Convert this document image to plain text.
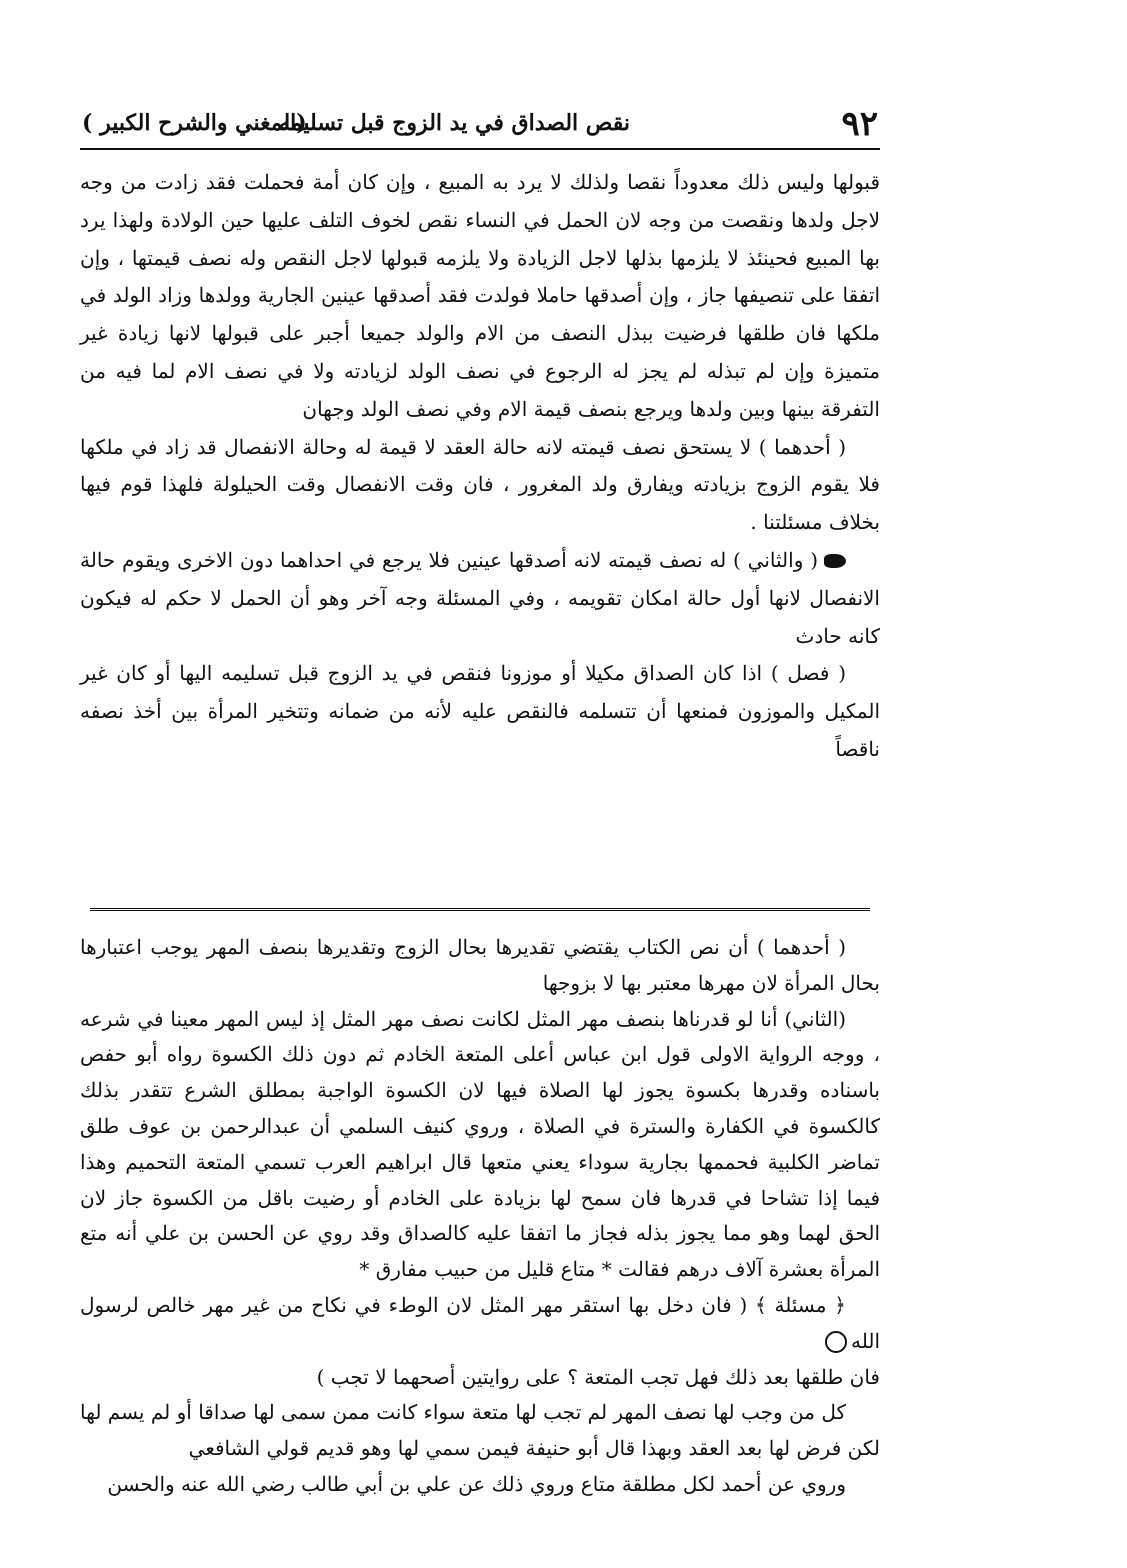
٩٢
نقص الصداق في يد الزوج قبل تسليمه
(المغني والشرح الكبير )

قبولها وليس ذلك معدوداً نقصا ولذلك لا يرد به المبيع ، وإن كان أمة فحملت فقد زادت من وجه لاجل ولدها ونقصت من وجه لان الحمل في النساء نقص لخوف التلف عليها حين الولادة ولهذا يرد بها المبيع فحينئذ لا يلزمها بذلها لاجل الزيادة ولا يلزمه قبولها لاجل النقص وله نصف قيمتها ، وإن اتفقا على تنصيفها جاز ، وإن أصدقها حاملا فولدت فقد أصدقها عينين الجارية وولدها وزاد الولد في ملكها فان طلقها فرضيت ببذل النصف من الام والولد جميعا أجبر على قبولها لانها زيادة غير متميزة وإن لم تبذله لم يجز له الرجوع في نصف الولد لزيادته ولا في نصف الام لما فيه من التفرقة بينها وبين ولدها ويرجع بنصف قيمة الام وفي نصف الولد وجهان

( أحدهما ) لا يستحق نصف قيمته لانه حالة العقد لا قيمة له وحالة الانفصال قد زاد في ملكها فلا يقوم الزوج بزيادته ويفارق ولد المغرور ، فان وقت الانفصال وقت الحيلولة فلهذا قوم فيها بخلاف مسئلتنا .

( والثاني ) له نصف قيمته لانه أصدقها عينين فلا يرجع في احداهما دون الاخرى ويقوم حالة الانفصال لانها أول حالة امكان تقويمه ، وفي المسئلة وجه آخر وهو أن الحمل لا حكم له فيكون كانه حادث

( فصل ) اذا كان الصداق مكيلا أو موزونا فنقص في يد الزوج قبل تسليمه اليها أو كان غير المكيل والموزون فمنعها أن تتسلمه فالنقص عليه لأنه من ضمانه وتتخير المرأة بين أخذ نصفه ناقصاً

( أحدهما ) أن نص الكتاب يقتضي تقديرها بحال الزوج وتقديرها بنصف المهر يوجب اعتبارها بحال المرأة لان مهرها معتبر بها لا بزوجها

(الثاني) أنا لو قدرناها بنصف مهر المثل لكانت نصف مهر المثل إذ ليس المهر معينا في شرعه ، ووجه الرواية الاولى قول ابن عباس أعلى المتعة الخادم ثم دون ذلك الكسوة رواه أبو حفص باسناده وقدرها بكسوة يجوز لها الصلاة فيها لان الكسوة الواجبة بمطلق الشرع تتقدر بذلك كالكسوة في الكفارة والسترة في الصلاة ، وروي كنيف السلمي أن عبدالرحمن بن عوف طلق تماضر الكلبية فحممها بجارية سوداء يعني متعها قال ابراهيم العرب تسمي المتعة التحميم وهذا فيما إذا تشاحا في قدرها فان سمح لها بزيادة على الخادم أو رضيت باقل من الكسوة جاز لان الحق لهما وهو مما يجوز بذله فجاز ما اتفقا عليه كالصداق وقد روي عن الحسن بن علي أنه متع المرأة بعشرة آلاف درهم فقالت * متاع قليل من حبيب مفارق *

﴿ مسئلة ﴾ ( فان دخل بها استقر مهر المثل لان الوطء في نكاح من غير مهر خالص لرسول الله

فان طلقها بعد ذلك فهل تجب المتعة ؟ على روايتين أصحهما لا تجب )

كل من وجب لها نصف المهر لم تجب لها متعة سواء كانت ممن سمى لها صداقا أو لم يسم لها لكن فرض لها بعد العقد وبهذا قال أبو حنيفة فيمن سمي لها وهو قديم قولي الشافعي

وروي عن أحمد لكل مطلقة متاع وروي ذلك عن علي بن أبي طالب رضي الله عنه والحسن
